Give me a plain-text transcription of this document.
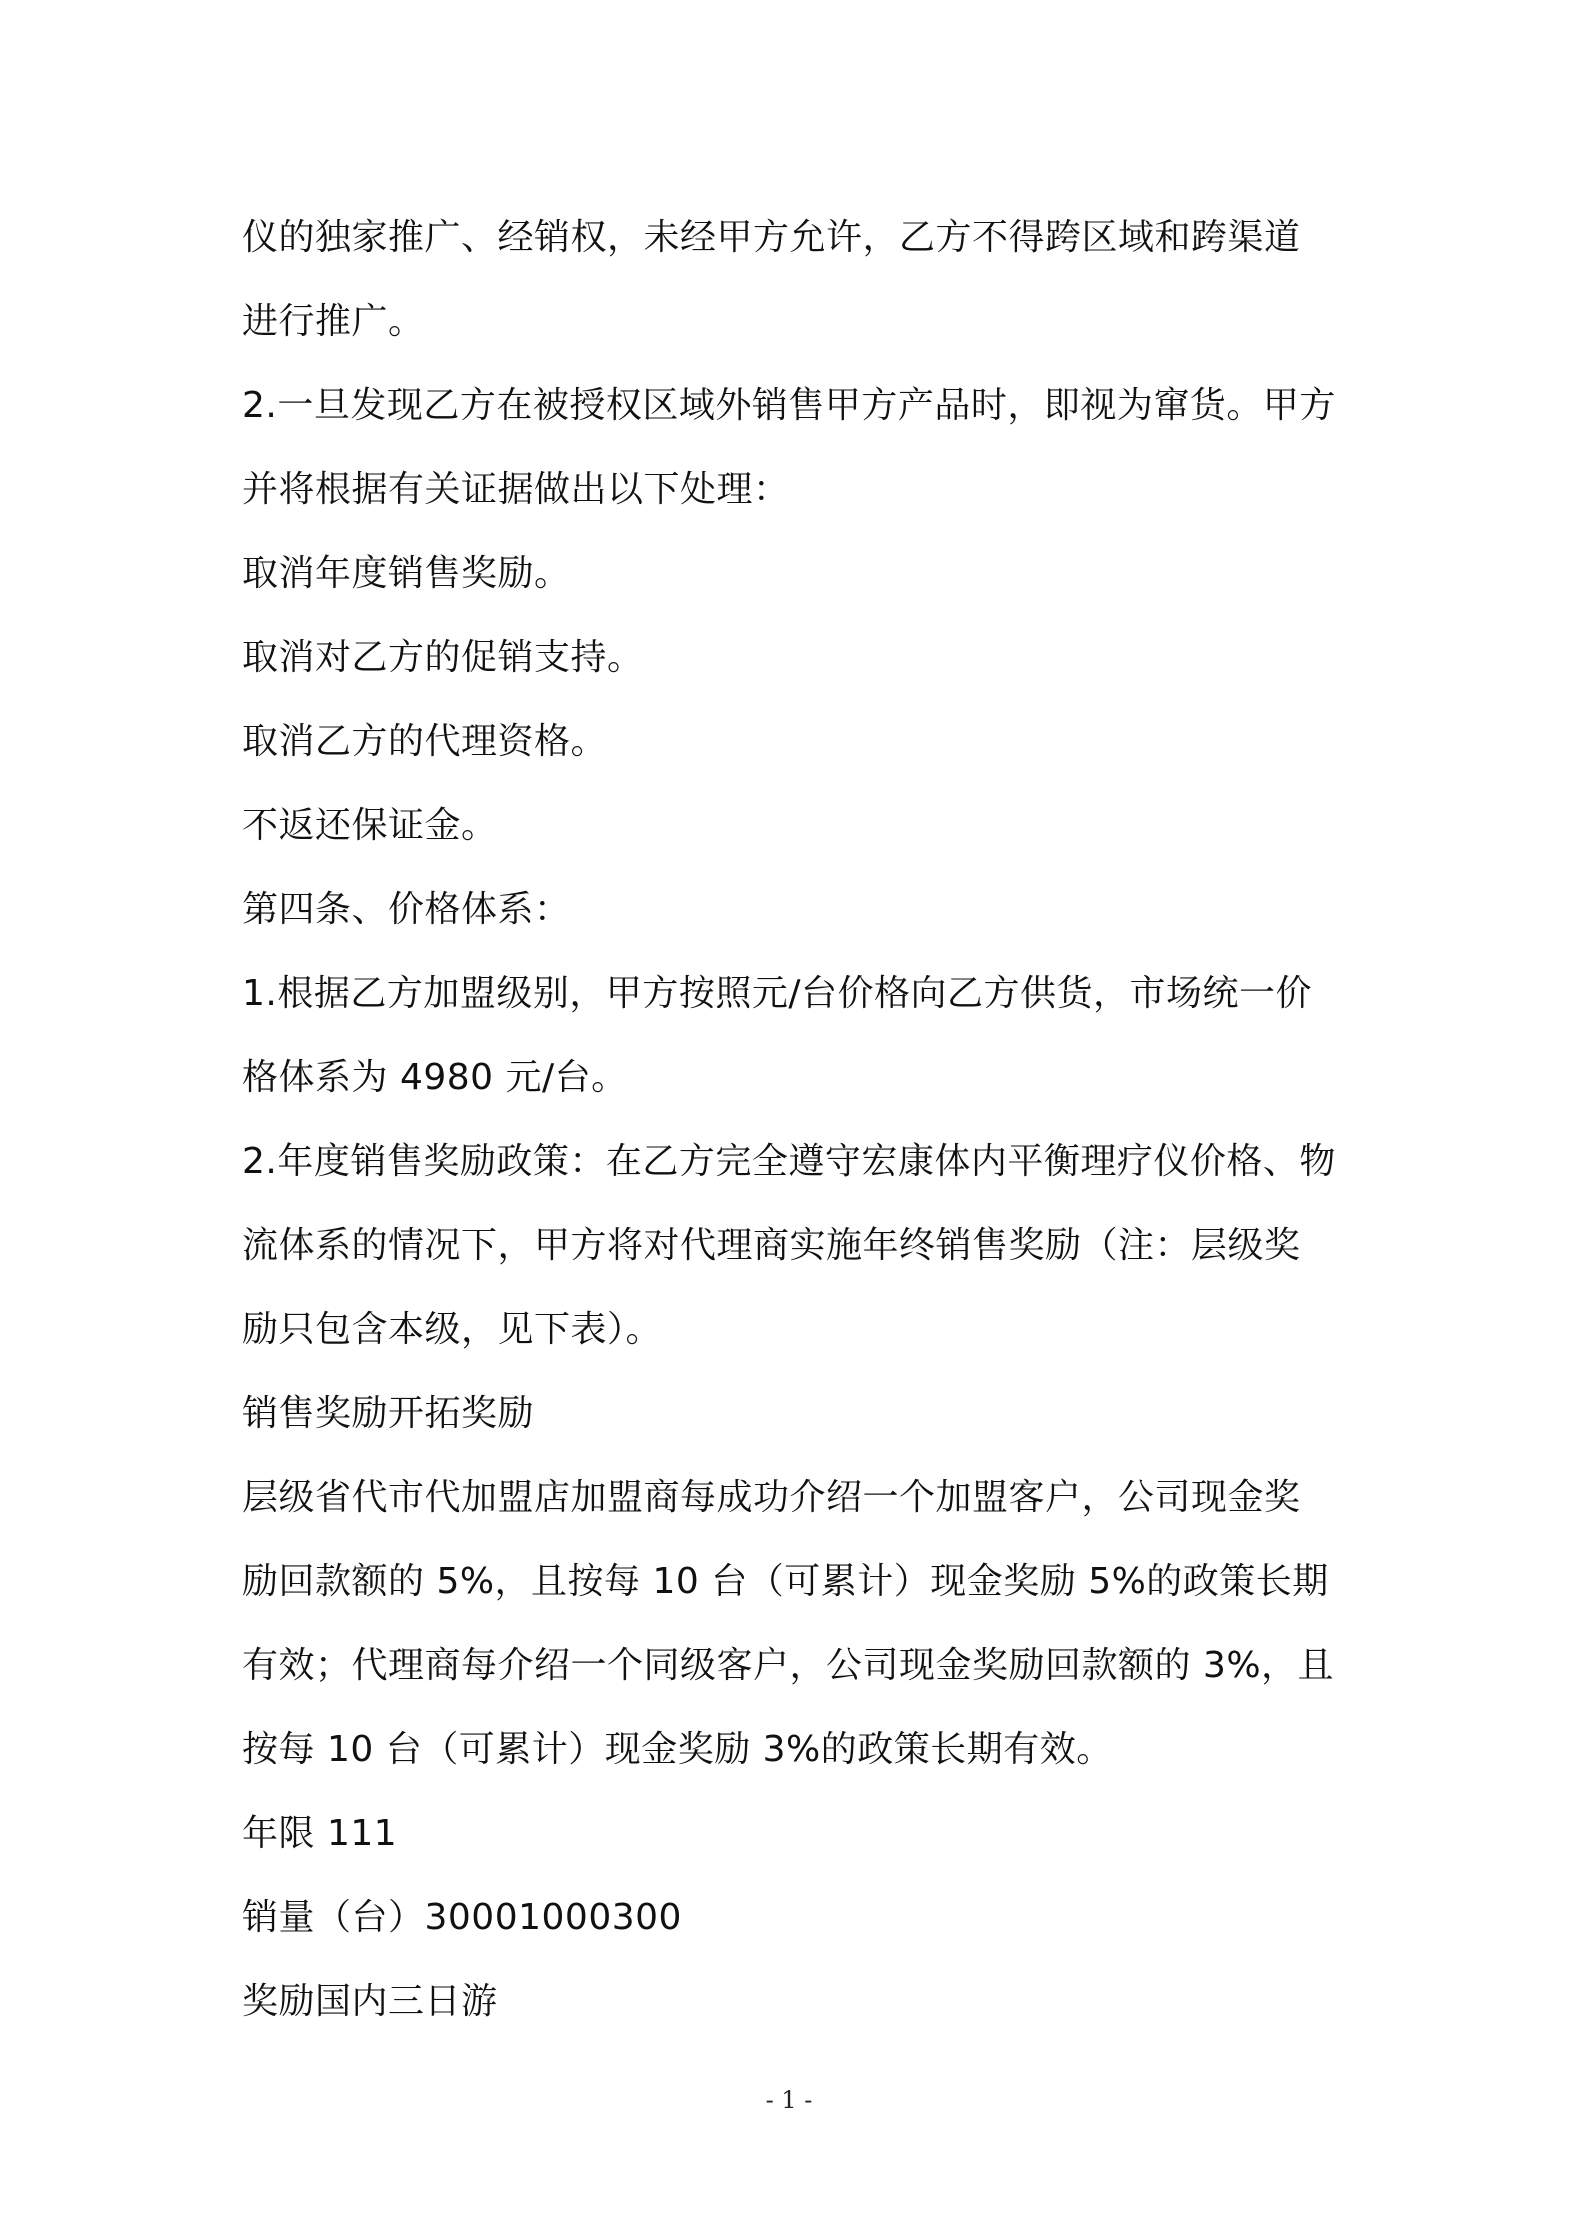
仪的独家推广、经销权，未经甲方允许，乙方不得跨区域和跨渠道
进行推广。
2.一旦发现乙方在被授权区域外销售甲方产品时，即视为窜货。甲方
并将根据有关证据做出以下处理：
取消年度销售奖励。
取消对乙方的促销支持。
取消乙方的代理资格。
不返还保证金。
第四条、价格体系：
1.根据乙方加盟级别，甲方按照元/台价格向乙方供货，市场统一价
格体系为 4980 元/台。
2.年度销售奖励政策：在乙方完全遵守宏康体内平衡理疗仪价格、物
流体系的情况下，甲方将对代理商实施年终销售奖励（注：层级奖
励只包含本级，见下表）。
销售奖励开拓奖励
层级省代市代加盟店加盟商每成功介绍一个加盟客户，公司现金奖
励回款额的 5%，且按每 10 台（可累计）现金奖励 5%的政策长期
有效；代理商每介绍一个同级客户，公司现金奖励回款额的 3%，且
按每 10 台（可累计）现金奖励 3%的政策长期有效。
年限 111
销量（台）30001000300
奖励国内三日游
- 1 -
